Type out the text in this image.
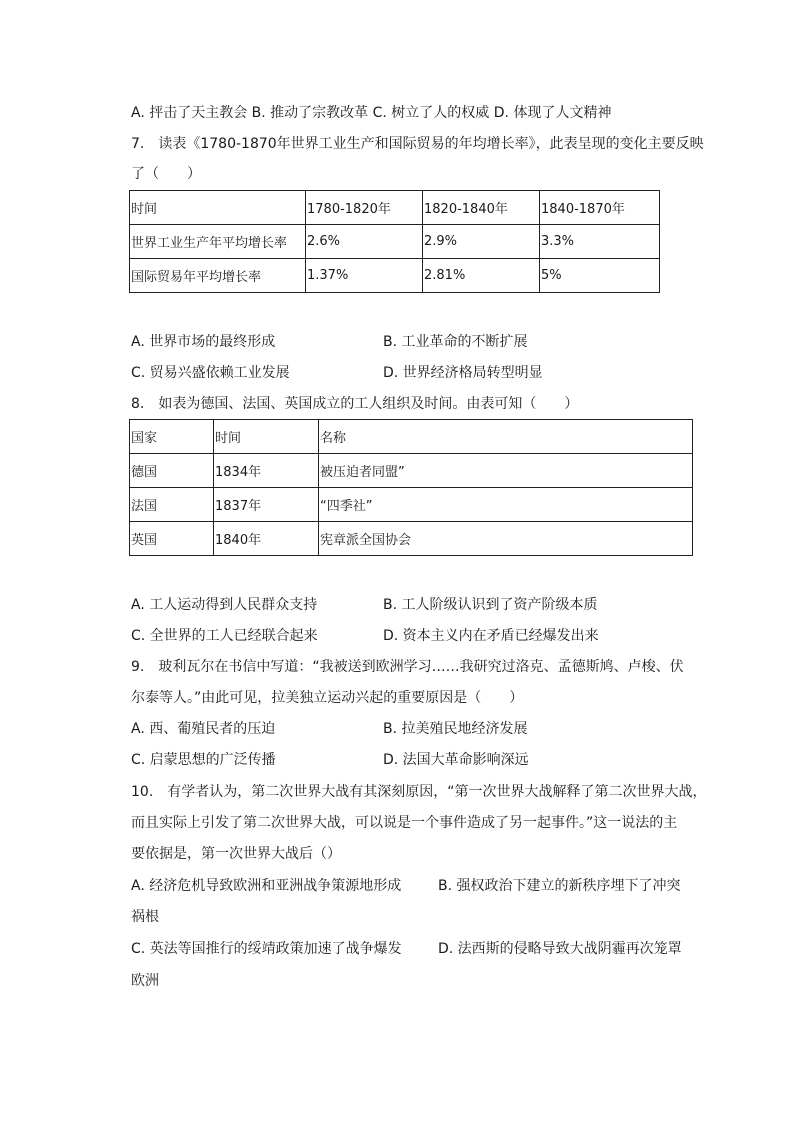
A. 抨击了天主教会 B. 推动了宗教改革 C. 树立了人的权威 D. 体现了人文精神
7.　读表《1780-1870年世界工业生产和国际贸易的年均增长率》，此表呈现的变化主要反映
了（　　）
时间	1780-1820年	1820-1840年	1840-1870年
世界工业生产年平均增长率	2.6%	2.9%	3.3%
国际贸易年平均增长率	1.37%	2.81%	5%
A. 世界市场的最终形成	B. 工业革命的不断扩展
C. 贸易兴盛依赖工业发展	D. 世界经济格局转型明显
8.　如表为德国、法国、英国成立的工人组织及时间。由表可知（　　）
国家	时间	名称
德国	1834年	被压迫者同盟”
法国	1837年	“四季社”
英国	1840年	宪章派全国协会
A. 工人运动得到人民群众支持	B. 工人阶级认识到了资产阶级本质
C. 全世界的工人已经联合起来	D. 资本主义内在矛盾已经爆发出来
9.　玻利瓦尔在书信中写道：“我被送到欧洲学习……我研究过洛克、孟德斯鸠、卢梭、伏
尔泰等人。”由此可见，拉美独立运动兴起的重要原因是（　　）
A. 西、葡殖民者的压迫	B. 拉美殖民地经济发展
C. 启蒙思想的广泛传播	D. 法国大革命影响深远
10.　有学者认为，第二次世界大战有其深刻原因，“第一次世界大战解释了第二次世界大战，
而且实际上引发了第二次世界大战，可以说是一个事件造成了另一起事件。”这一说法的主
要依据是，第一次世界大战后（）
A. 经济危机导致欧洲和亚洲战争策源地形成	B. 强权政治下建立的新秩序埋下了冲突
祸根
C. 英法等国推行的绥靖政策加速了战争爆发	D. 法西斯的侵略导致大战阴霾再次笼罩
欧洲
